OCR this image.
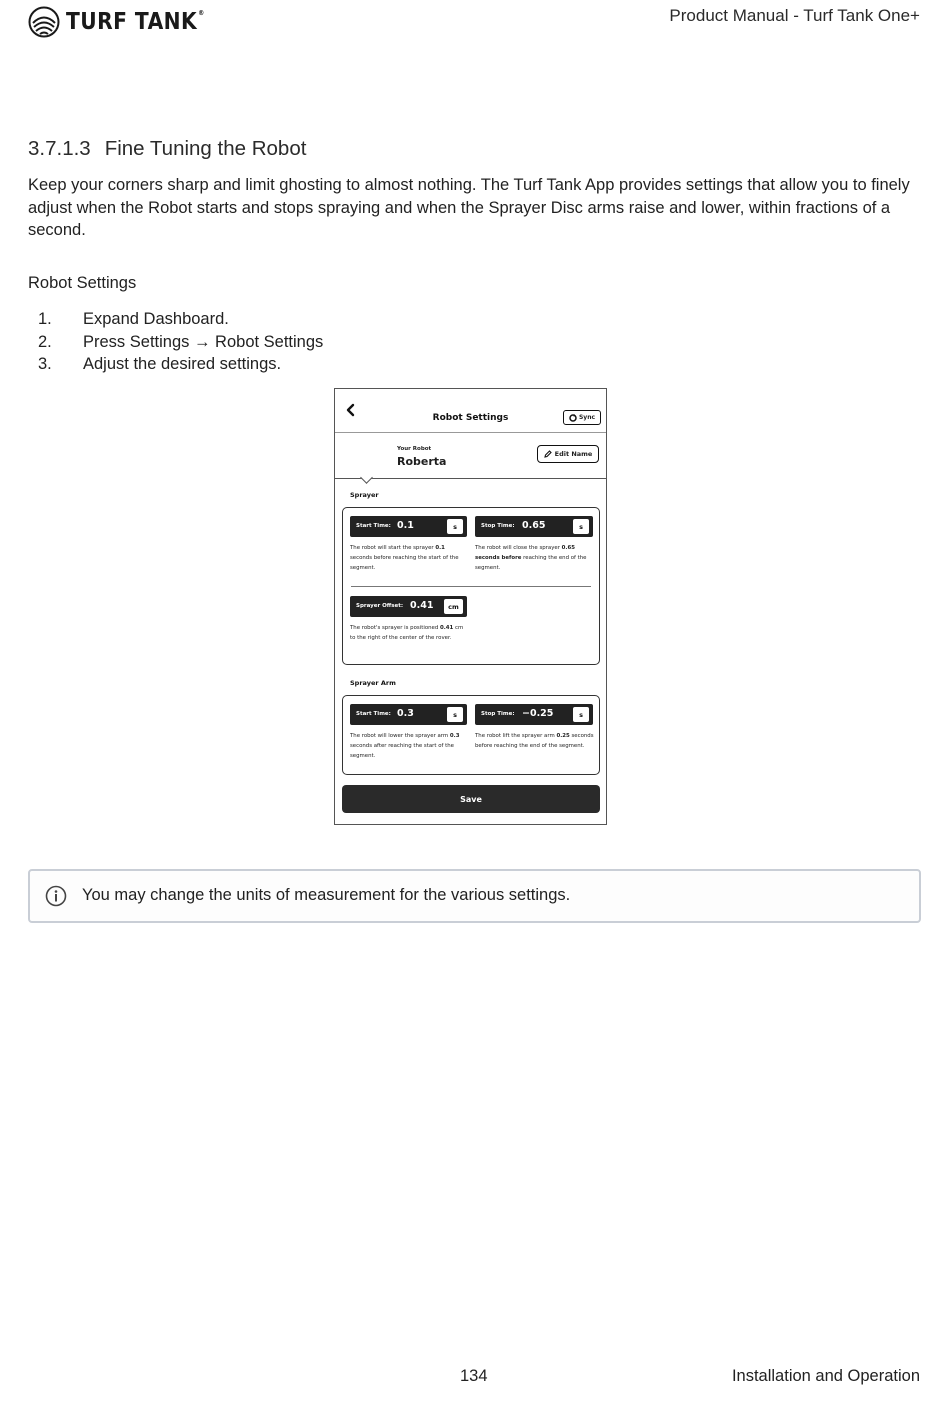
TURF TANK®	Product Manual - Turf Tank One+
3.7.1.3 Fine Tuning the Robot
Keep your corners sharp and limit ghosting to almost nothing. The Turf Tank App provides settings that allow you to finely adjust when the Robot starts and stops spraying and when the Sprayer Disc arms raise and lower, within fractions of a second.
Robot Settings
1.	Expand Dashboard.
2.	Press Settings → Robot Settings
3.	Adjust the desired settings.
Robot Settings	Sync
Your Robot
Roberta
Edit Name
Sprayer
Start Time: 0.1	s	Stop Time: 0.65	s
The robot will start the sprayer 0.1 seconds before reaching the start of the segment.
The robot will close the sprayer 0.65 seconds before reaching the end of the segment.
Sprayer Offset: 0.41	cm
The robot's sprayer is positioned 0.41 cm to the right of the center of the rover.
Sprayer Arm
Start Time: 0.3	s	Stop Time: −0.25	s
The robot will lower the sprayer arm 0.3 seconds after reaching the start of the segment.
The robot lift the sprayer arm 0.25 seconds before reaching the end of the segment.
Save
You may change the units of measurement for the various settings.
134	Installation and Operation
